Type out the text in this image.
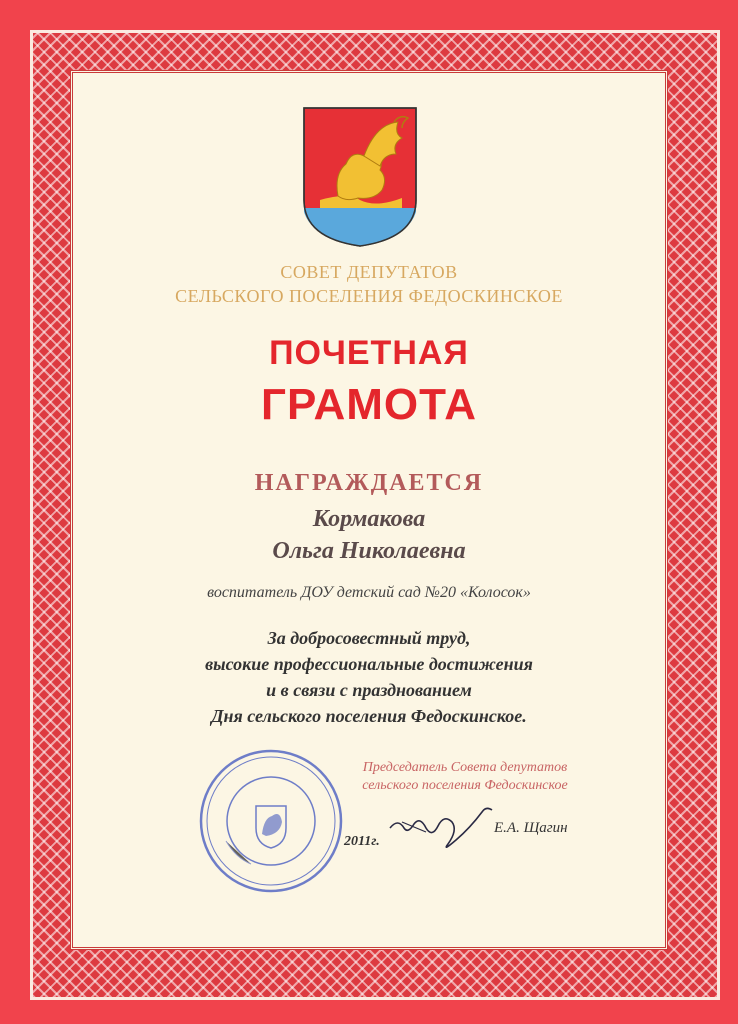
СОВЕТ ДЕПУТАТОВ
СЕЛЬСКОГО ПОСЕЛЕНИЯ ФЕДОСКИНСКОЕ
ПОЧЕТНАЯ
ГРАМОТА
НАГРАЖДАЕТСЯ
Кормакова
Ольга Николаевна
воспитатель ДОУ детский сад №20 «Колосок»
За добросовестный труд,
высокие профессиональные достижения
и в связи с празднованием
Дня сельского поселения Федоскинское.
Председатель Совета депутатов
сельского поселения Федоскинское
2011г.
Е.А. Щагин
